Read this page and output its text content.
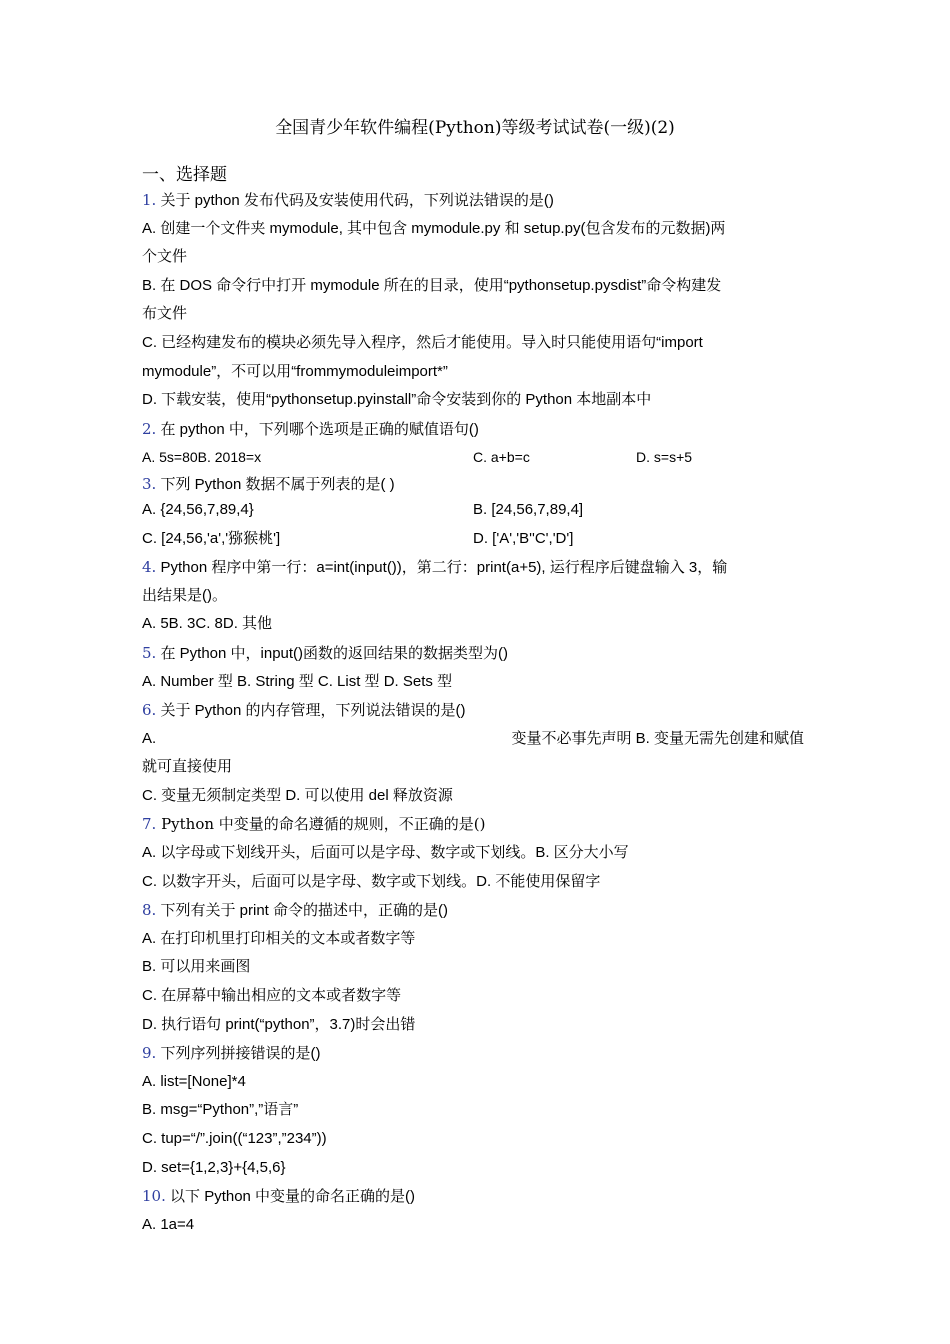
全国青少年软件编程(Python)等级考试试卷(一级)(2)
一、选择题
1. 关于 python 发布代码及安装使用代码，下列说法错误的是()
A. 创建一个文件夹 mymodule, 其中包含 mymodule.py 和 setup.py(包含发布的元数据)两
个文件
B. 在 DOS 命令行中打开 mymodule 所在的目录，使用“pythonsetup.pysdist”命令构建发
布文件
C. 已经构建发布的模块必须先导入程序，然后才能使用。导入时只能使用语句“import
mymodule”，不可以用“frommymoduleimport*”
D. 下载安装，使用“pythonsetup.pyinstall”命令安装到你的 Python 本地副本中
2. 在 python 中，下列哪个选项是正确的赋值语句()
A. 5s=80B. 2018=x	C. a+b=c	D. s=s+5
3. 下列 Python 数据不属于列表的是( )
A. {24,56,7,89,4}	B. [24,56,7,89,4]
C. [24,56,'a','猕猴桃']	D. ['A','B''C','D']
4. Python 程序中第一行：a=int(input())，第二行：print(a+5), 运行程序后键盘输入 3，输
出结果是()。
A. 5B. 3C. 8D. 其他
5. 在 Python 中，input()函数的返回结果的数据类型为()
A. Number 型 B. String 型 C. List 型 D. Sets 型
6. 关于 Python 的内存管理，下列说法错误的是()
A.	变量不必事先声明 B. 变量无需先创建和赋值
就可直接使用
C. 变量无须制定类型 D. 可以使用 del 释放资源
7. Python 中变量的命名遵循的规则，不正确的是()
A. 以字母或下划线开头，后面可以是字母、数字或下划线。B. 区分大小写
C. 以数字开头，后面可以是字母、数字或下划线。D. 不能使用保留字
8. 下列有关于 print 命令的描述中，正确的是()
A. 在打印机里打印相关的文本或者数字等
B. 可以用来画图
C. 在屏幕中输出相应的文本或者数字等
D. 执行语句 print(“python”，3.7)时会出错
9. 下列序列拼接错误的是()
A. list=[None]*4
B. msg=“Python”,”语言”
C. tup=“/”.join((“123”,”234”))
D. set={1,2,3}+{4,5,6}
10. 以下 Python 中变量的命名正确的是()
A. 1a=4
